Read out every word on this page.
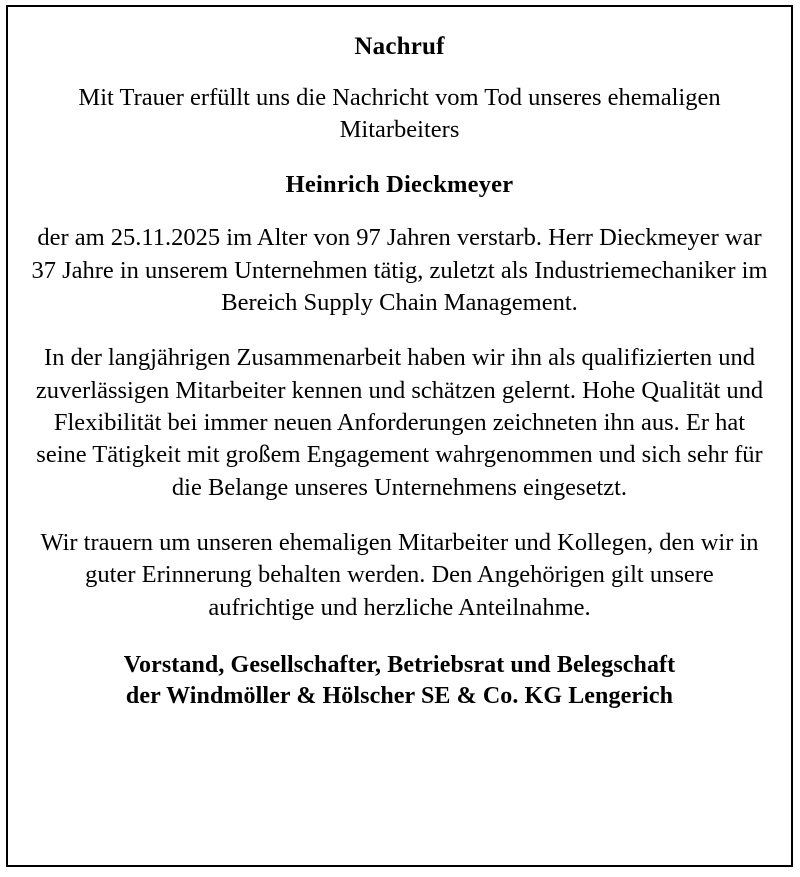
Nachruf
Mit Trauer erfüllt uns die Nachricht vom Tod unseres ehemaligen Mitarbeiters
Heinrich Dieckmeyer
der am 25.11.2025 im Alter von 97 Jahren verstarb. Herr Dieckmeyer war 37 Jahre in unserem Unternehmen tätig, zuletzt als Industriemechaniker im Bereich Supply Chain Management.
In der langjährigen Zusammenarbeit haben wir ihn als qualifizierten und zuverlässigen Mitarbeiter kennen und schätzen gelernt. Hohe Qualität und Flexibilität bei immer neuen Anforderungen zeichneten ihn aus. Er hat seine Tätigkeit mit großem Engagement wahrgenommen und sich sehr für die Belange unseres Unternehmens eingesetzt.
Wir trauern um unseren ehemaligen Mitarbeiter und Kollegen, den wir in guter Erinnerung behalten werden. Den Angehörigen gilt unsere aufrichtige und herzliche Anteilnahme.
Vorstand, Gesellschafter, Betriebsrat und Belegschaft
der Windmöller & Hölscher SE & Co. KG Lengerich
